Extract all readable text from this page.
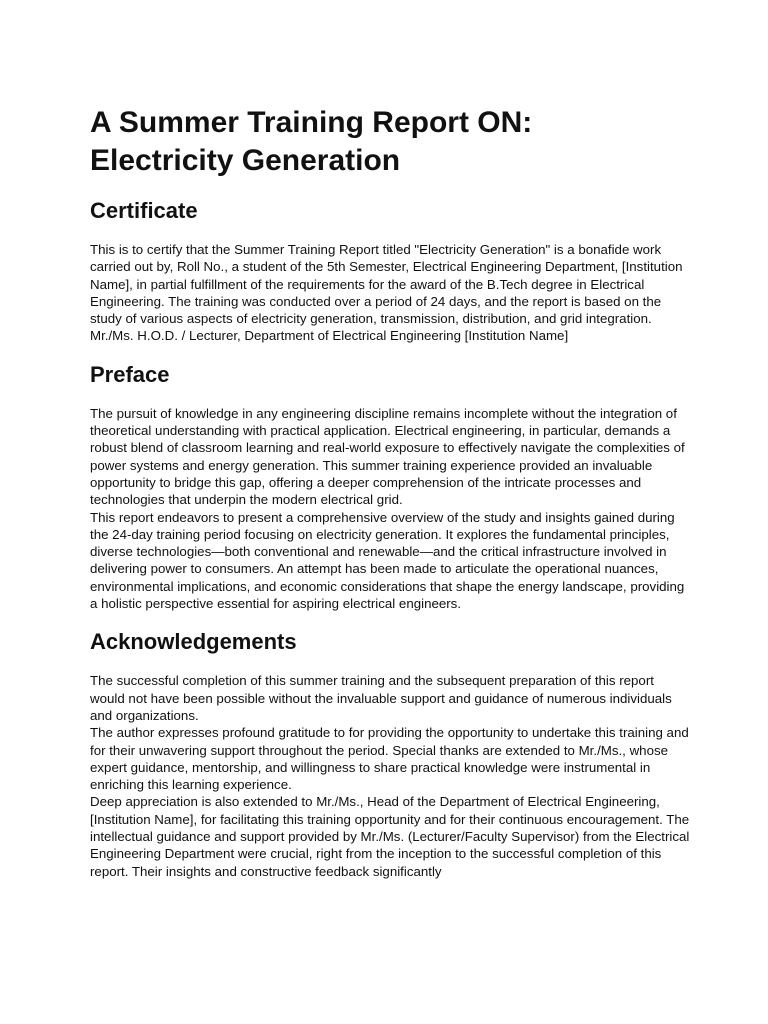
A Summer Training Report ON:
Electricity Generation
Certificate

This is to certify that the Summer Training Report titled "Electricity Generation" is a bonafide work carried out by, Roll No., a student of the 5th Semester, Electrical Engineering Department, [Institution Name], in partial fulfillment of the requirements for the award of the B.Tech degree in Electrical Engineering. The training was conducted over a period of 24 days, and the report is based on the study of various aspects of electricity generation, transmission, distribution, and grid integration.

Mr./Ms. H.O.D. / Lecturer, Department of Electrical Engineering [Institution Name]

Preface

The pursuit of knowledge in any engineering discipline remains incomplete without the integration of theoretical understanding with practical application. Electrical engineering, in particular, demands a robust blend of classroom learning and real-world exposure to effectively navigate the complexities of power systems and energy generation. This summer training experience provided an invaluable opportunity to bridge this gap, offering a deeper comprehension of the intricate processes and technologies that underpin the modern electrical grid.

This report endeavors to present a comprehensive overview of the study and insights gained during the 24-day training period focusing on electricity generation. It explores the fundamental principles, diverse technologies—both conventional and renewable—and the critical infrastructure involved in delivering power to consumers. An attempt has been made to articulate the operational nuances, environmental implications, and economic considerations that shape the energy landscape, providing a holistic perspective essential for aspiring electrical engineers.

Acknowledgements

The successful completion of this summer training and the subsequent preparation of this report would not have been possible without the invaluable support and guidance of numerous individuals and organizations.

The author expresses profound gratitude to for providing the opportunity to undertake this training and for their unwavering support throughout the period. Special thanks are extended to Mr./Ms., whose expert guidance, mentorship, and willingness to share practical knowledge were instrumental in enriching this learning experience.

Deep appreciation is also extended to Mr./Ms., Head of the Department of Electrical Engineering, [Institution Name], for facilitating this training opportunity and for their continuous encouragement. The intellectual guidance and support provided by Mr./Ms. (Lecturer/Faculty Supervisor) from the Electrical Engineering Department were crucial, right from the inception to the successful completion of this report. Their insights and constructive feedback significantly
